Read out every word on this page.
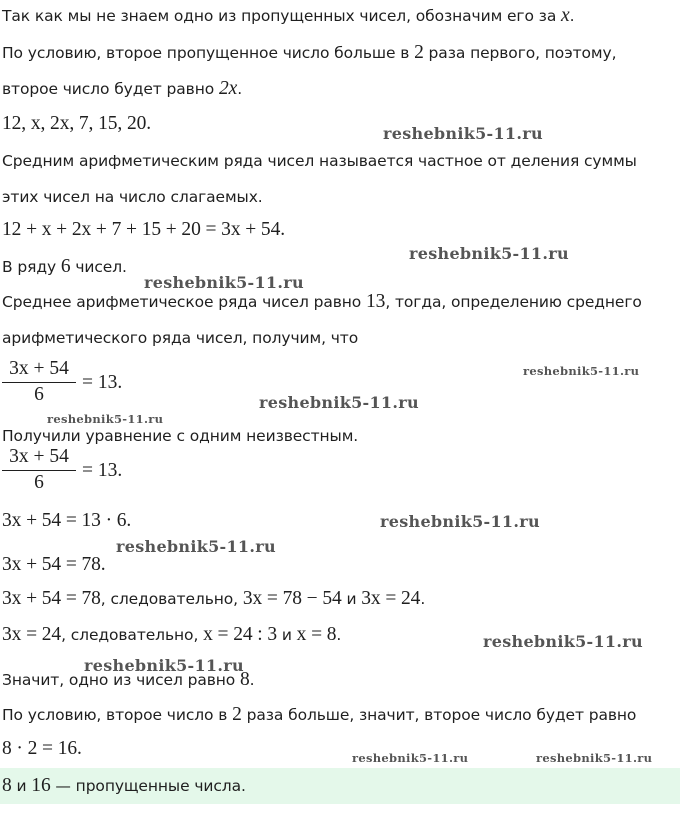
Так как мы не знаем одно из пропущенных чисел, обозначим его за x.
По условию, второе пропущенное число больше в 2 раза первого, поэтому,
второе число будет равно 2x.
12, x, 2x, 7, 15, 20.
Средним арифметическим ряда чисел называется частное от деления суммы
этих чисел на число слагаемых.
12 + x + 2x + 7 + 15 + 20 = 3x + 54.
В ряду 6 чисел.
Среднее арифметическое ряда чисел равно 13, тогда, определению среднего
арифметического ряда чисел, получим, что
$\frac{3x + 54}{6} = 13$.
Получили уравнение с одним неизвестным.
$\frac{3x + 54}{6} = 13$.
3x + 54 = 13 · 6.
3x + 54 = 78.
3x + 54 = 78, следовательно, 3x = 78 − 54 и 3x = 24.
3x = 24, следовательно, x = 24 : 3 и x = 8.
Значит, одно из чисел равно 8.
По условию, второе число в 2 раза больше, значит, второе число будет равно
8 · 2 = 16.
8 и 16 — пропущенные числа.
reshebnik5-11.ru
reshebnik5-11.ru
reshebnik5-11.ru
reshebnik5-11.ru
reshebnik5-11.ru
reshebnik5-11.ru
reshebnik5-11.ru
reshebnik5-11.ru
reshebnik5-11.ru
reshebnik5-11.ru
reshebnik5-11.ru	reshebnik5-11.ru
